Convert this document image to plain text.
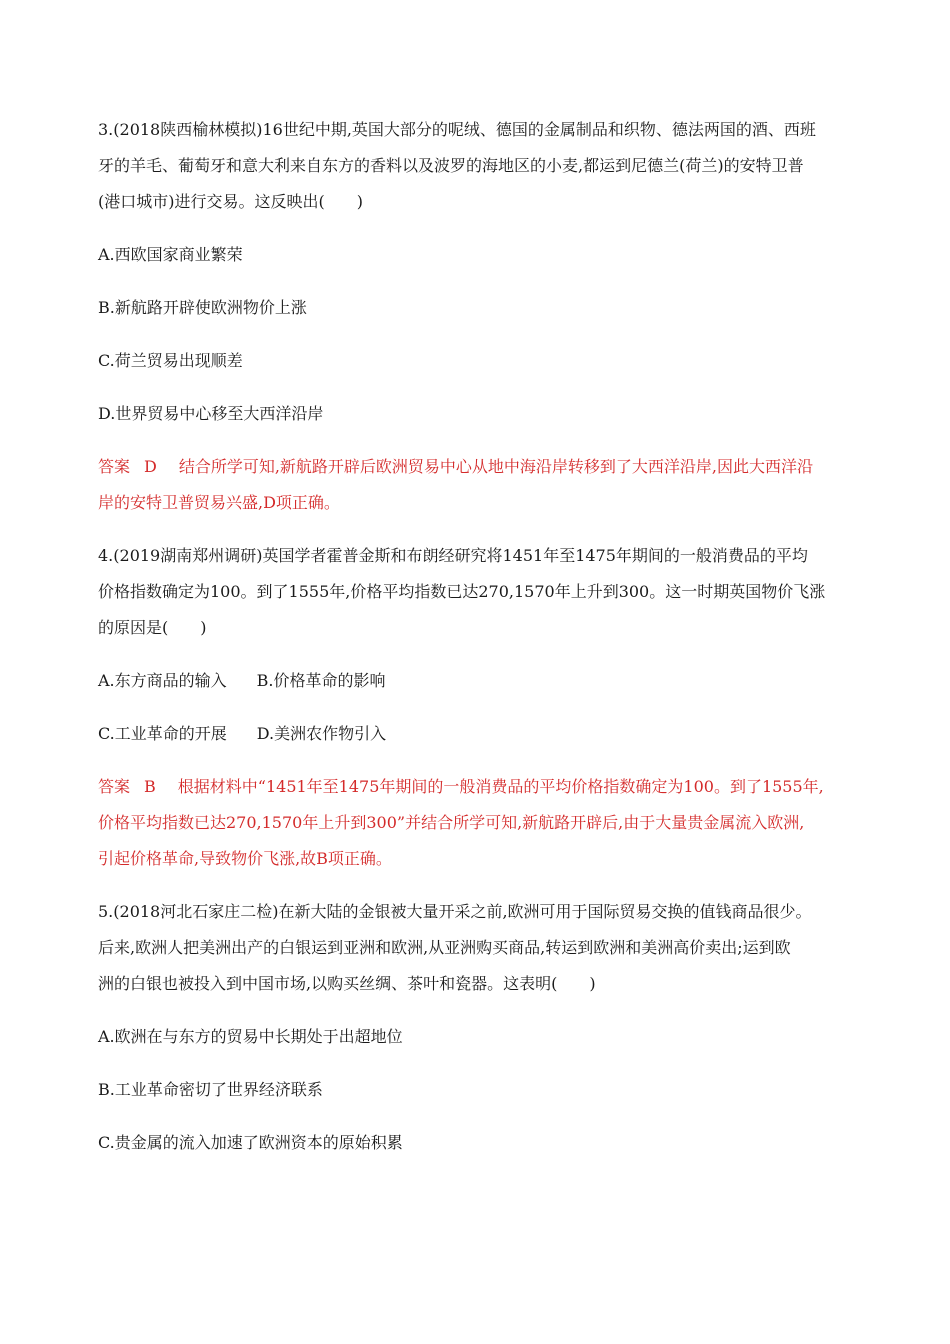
3.(2018陕西榆林模拟)16世纪中期,英国大部分的呢绒、德国的金属制品和织物、德法两国的酒、西班
牙的羊毛、葡萄牙和意大利来自东方的香料以及波罗的海地区的小麦,都运到尼德兰(荷兰)的安特卫普
(港口城市)进行交易。这反映出(　　)
A.西欧国家商业繁荣
B.新航路开辟使欧洲物价上涨
C.荷兰贸易出现顺差
D.世界贸易中心移至大西洋沿岸
答案 D 结合所学可知,新航路开辟后欧洲贸易中心从地中海沿岸转移到了大西洋沿岸,因此大西洋沿
岸的安特卫普贸易兴盛,D项正确。
4.(2019湖南郑州调研)英国学者霍普金斯和布朗经研究将1451年至1475年期间的一般消费品的平均
价格指数确定为100。到了1555年,价格平均指数已达270,1570年上升到300。这一时期英国物价飞涨
的原因是(　　)
A.东方商品的输入 B.价格革命的影响
C.工业革命的开展 D.美洲农作物引入
答案 B 根据材料中“1451年至1475年期间的一般消费品的平均价格指数确定为100。到了1555年,
价格平均指数已达270,1570年上升到300”并结合所学可知,新航路开辟后,由于大量贵金属流入欧洲,
引起价格革命,导致物价飞涨,故B项正确。
5.(2018河北石家庄二检)在新大陆的金银被大量开采之前,欧洲可用于国际贸易交换的值钱商品很少。
后来,欧洲人把美洲出产的白银运到亚洲和欧洲,从亚洲购买商品,转运到欧洲和美洲高价卖出;运到欧
洲的白银也被投入到中国市场,以购买丝绸、茶叶和瓷器。这表明(　　)
A.欧洲在与东方的贸易中长期处于出超地位
B.工业革命密切了世界经济联系
C.贵金属的流入加速了欧洲资本的原始积累
